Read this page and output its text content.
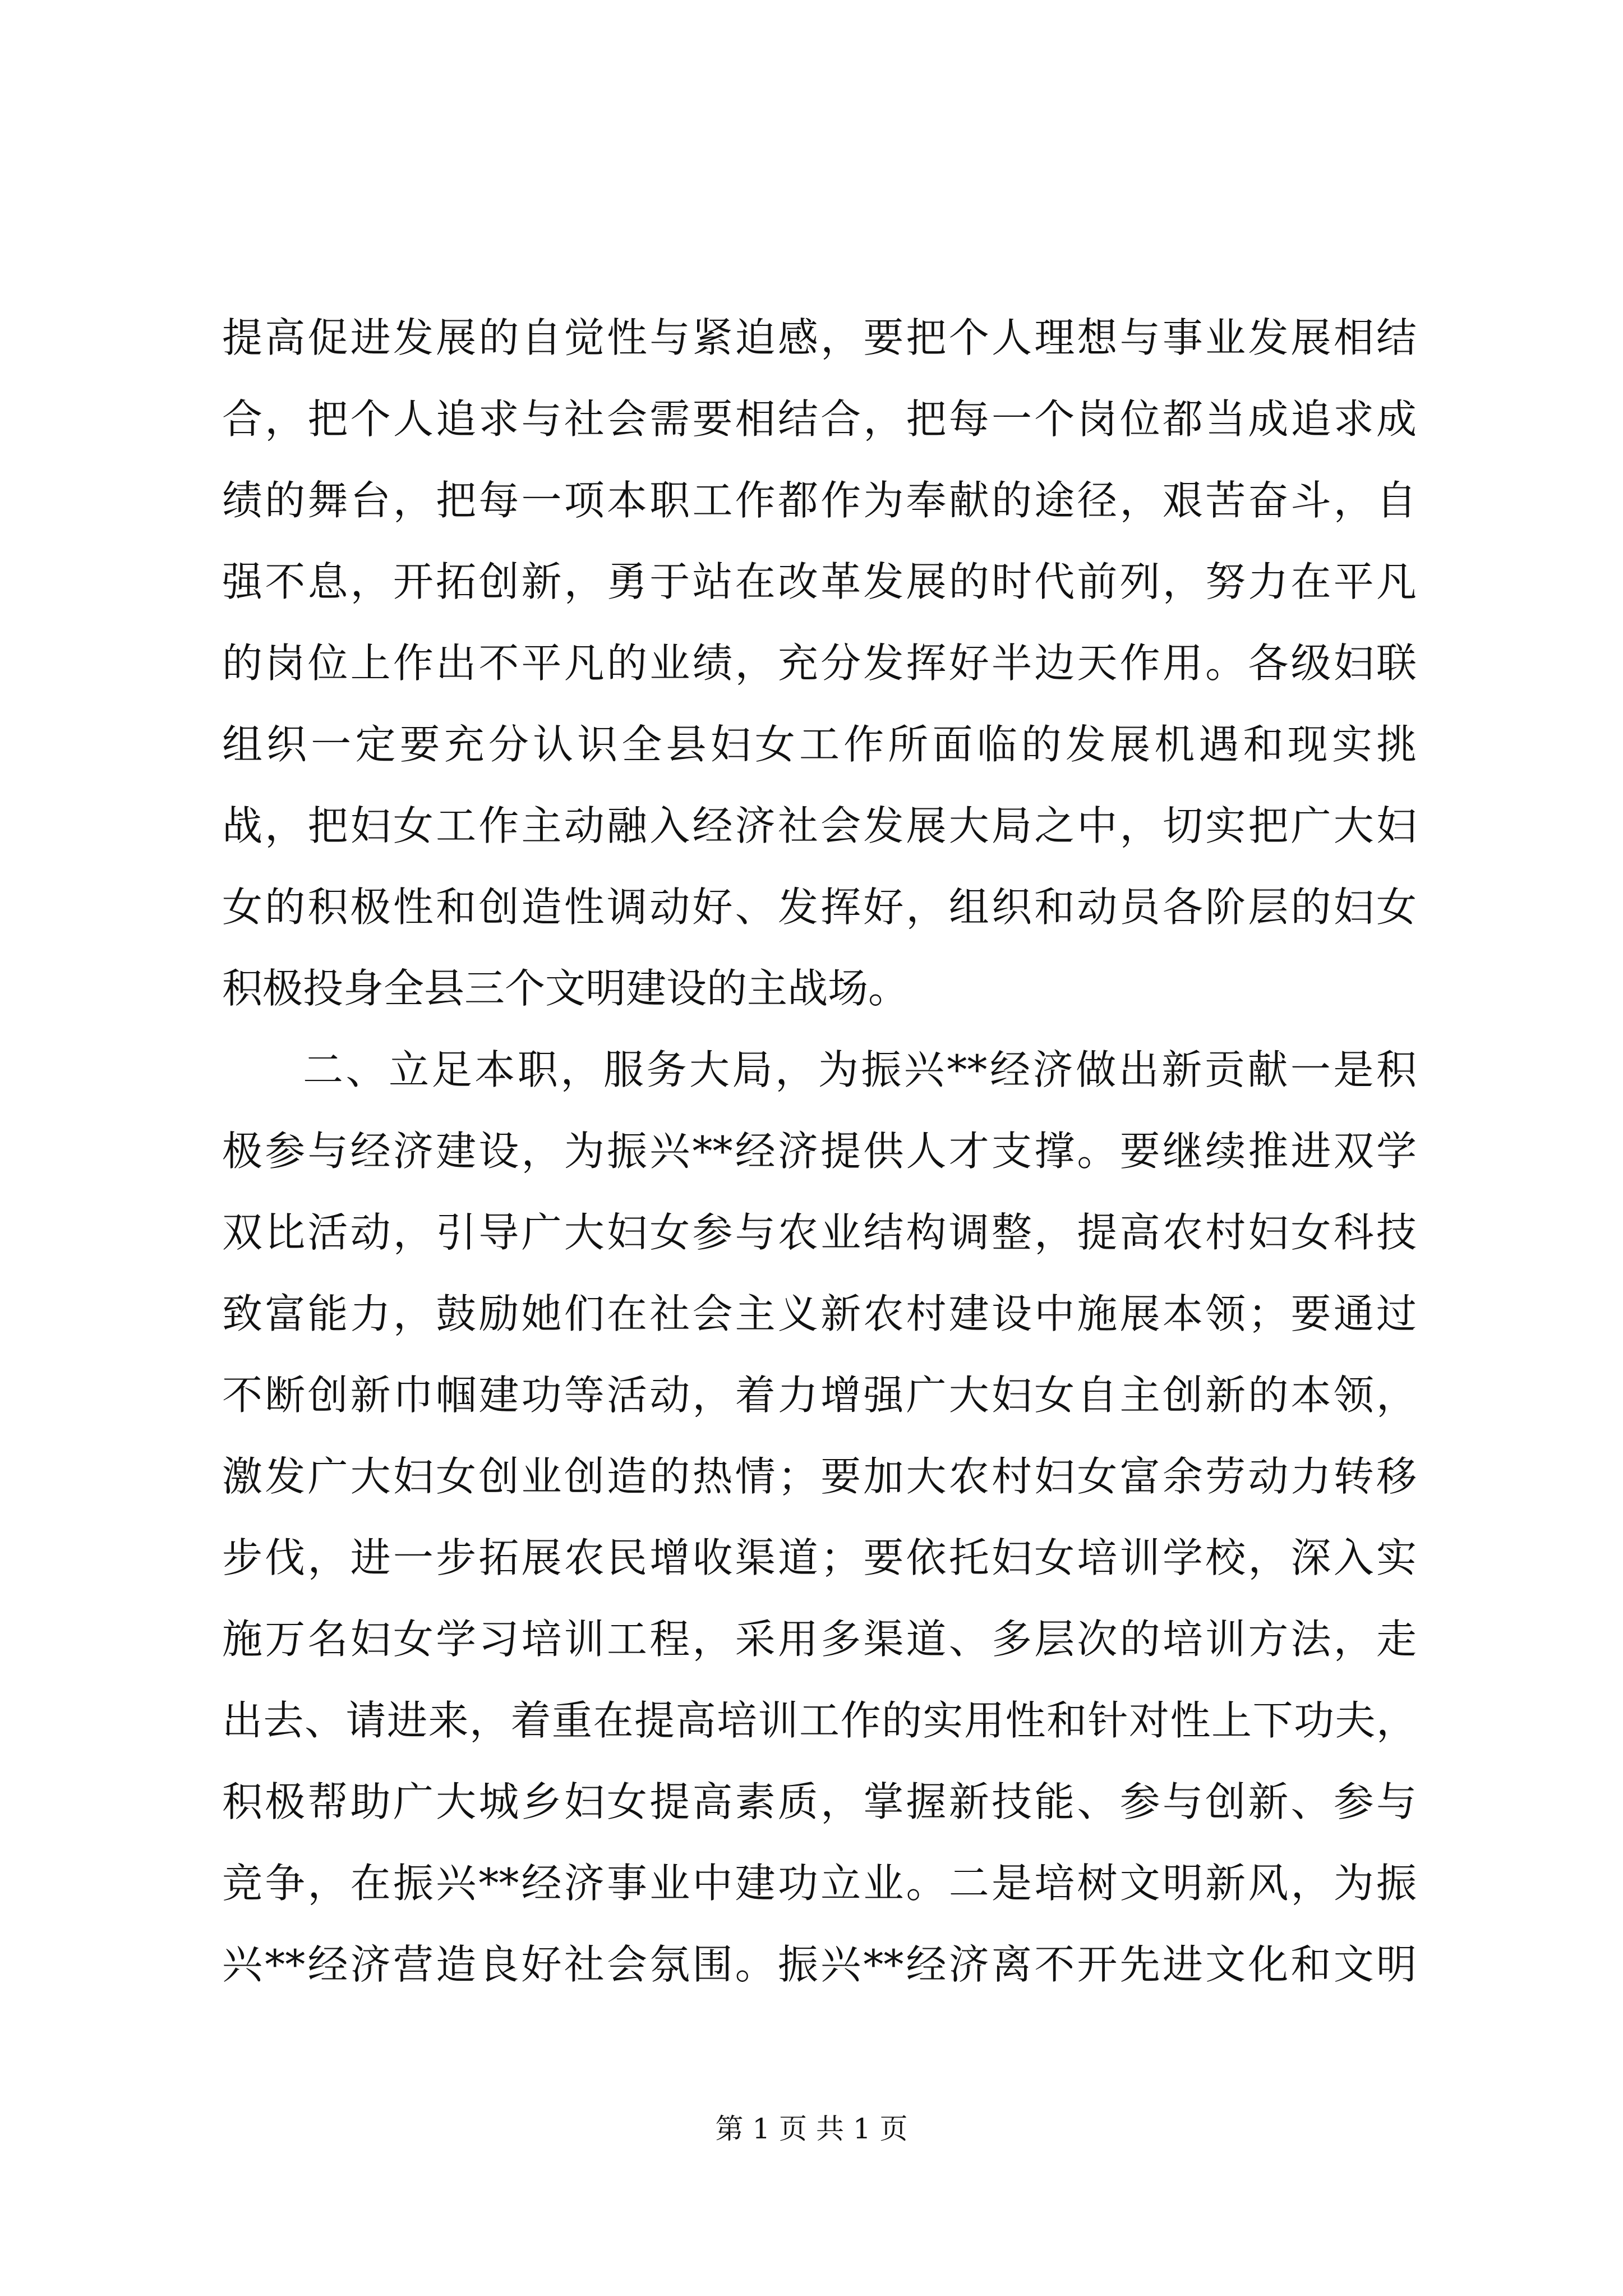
提高促进发展的自觉性与紧迫感，要把个人理想与事业发展相结
合，把个人追求与社会需要相结合，把每一个岗位都当成追求成
绩的舞台，把每一项本职工作都作为奉献的途径，艰苦奋斗，自
强不息，开拓创新，勇于站在改革发展的时代前列，努力在平凡
的岗位上作出不平凡的业绩，充分发挥好半边天作用。各级妇联
组织一定要充分认识全县妇女工作所面临的发展机遇和现实挑
战，把妇女工作主动融入经济社会发展大局之中，切实把广大妇
女的积极性和创造性调动好、发挥好，组织和动员各阶层的妇女
积极投身全县三个文明建设的主战场。
二、立足本职，服务大局，为振兴**经济做出新贡献一是积
极参与经济建设，为振兴**经济提供人才支撑。要继续推进双学
双比活动，引导广大妇女参与农业结构调整，提高农村妇女科技
致富能力，鼓励她们在社会主义新农村建设中施展本领；要通过
不断创新巾帼建功等活动，着力增强广大妇女自主创新的本领，
激发广大妇女创业创造的热情；要加大农村妇女富余劳动力转移
步伐，进一步拓展农民增收渠道；要依托妇女培训学校，深入实
施万名妇女学习培训工程，采用多渠道、多层次的培训方法，走
出去、请进来，着重在提高培训工作的实用性和针对性上下功夫，
积极帮助广大城乡妇女提高素质，掌握新技能、参与创新、参与
竞争，在振兴**经济事业中建功立业。二是培树文明新风，为振
兴**经济营造良好社会氛围。振兴**经济离不开先进文化和文明
第 1 页 共 1 页
